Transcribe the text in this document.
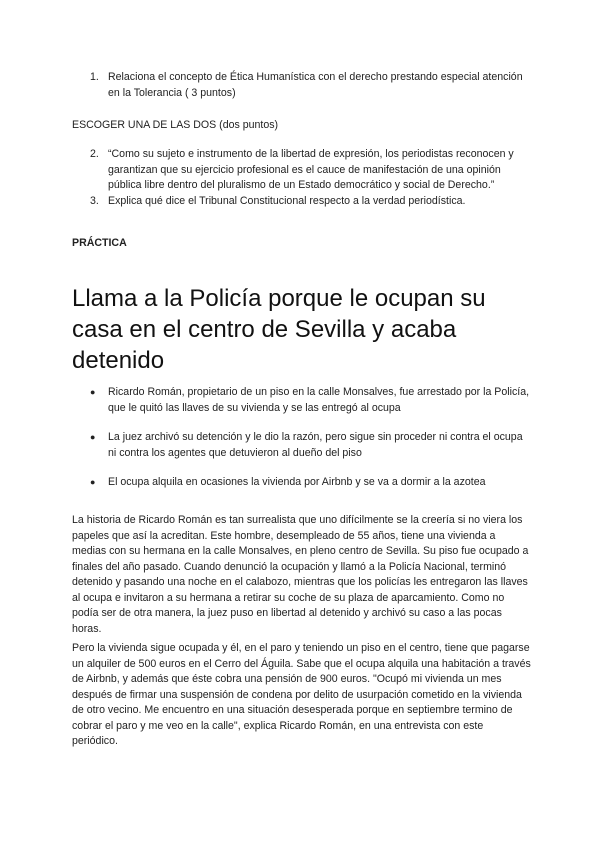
1. Relaciona el concepto de Ética Humanística con el derecho prestando especial atención en la Tolerancia ( 3 puntos)
ESCOGER UNA DE LAS DOS (dos puntos)
2. “Como su sujeto e instrumento de la libertad de expresión, los periodistas reconocen y garantizan que su ejercicio profesional es el cauce de manifestación de una opinión pública libre dentro del pluralismo de un Estado democrático y social de Derecho.”
3. Explica qué dice el Tribunal Constitucional respecto a la verdad periodística.
PRÁCTICA
Llama a la Policía porque le ocupan su casa en el centro de Sevilla y acaba detenido
● Ricardo Román, propietario de un piso en la calle Monsalves, fue arrestado por la Policía, que le quitó las llaves de su vivienda y se las entregó al ocupa
● La juez archivó su detención y le dio la razón, pero sigue sin proceder ni contra el ocupa ni contra los agentes que detuvieron al dueño del piso
● El ocupa alquila en ocasiones la vivienda por Airbnb y se va a dormir a la azotea
La historia de Ricardo Román es tan surrealista que uno difícilmente se la creería si no viera los papeles que así la acreditan. Este hombre, desempleado de 55 años, tiene una vivienda a medias con su hermana en la calle Monsalves, en pleno centro de Sevilla. Su piso fue ocupado a finales del año pasado. Cuando denunció la ocupación y llamó a la Policía Nacional, terminó detenido y pasando una noche en el calabozo, mientras que los policías les entregaron las llaves al ocupa e invitaron a su hermana a retirar su coche de su plaza de aparcamiento. Como no podía ser de otra manera, la juez puso en libertad al detenido y archivó su caso a las pocas horas.
Pero la vivienda sigue ocupada y él, en el paro y teniendo un piso en el centro, tiene que pagarse un alquiler de 500 euros en el Cerro del Águila. Sabe que el ocupa alquila una habitación a través de Airbnb, y además que éste cobra una pensión de 900 euros. "Ocupó mi vivienda un mes después de firmar una suspensión de condena por delito de usurpación cometido en la vivienda de otro vecino. Me encuentro en una situación desesperada porque en septiembre termino de cobrar el paro y me veo en la calle", explica Ricardo Román, en una entrevista con este periódico.
